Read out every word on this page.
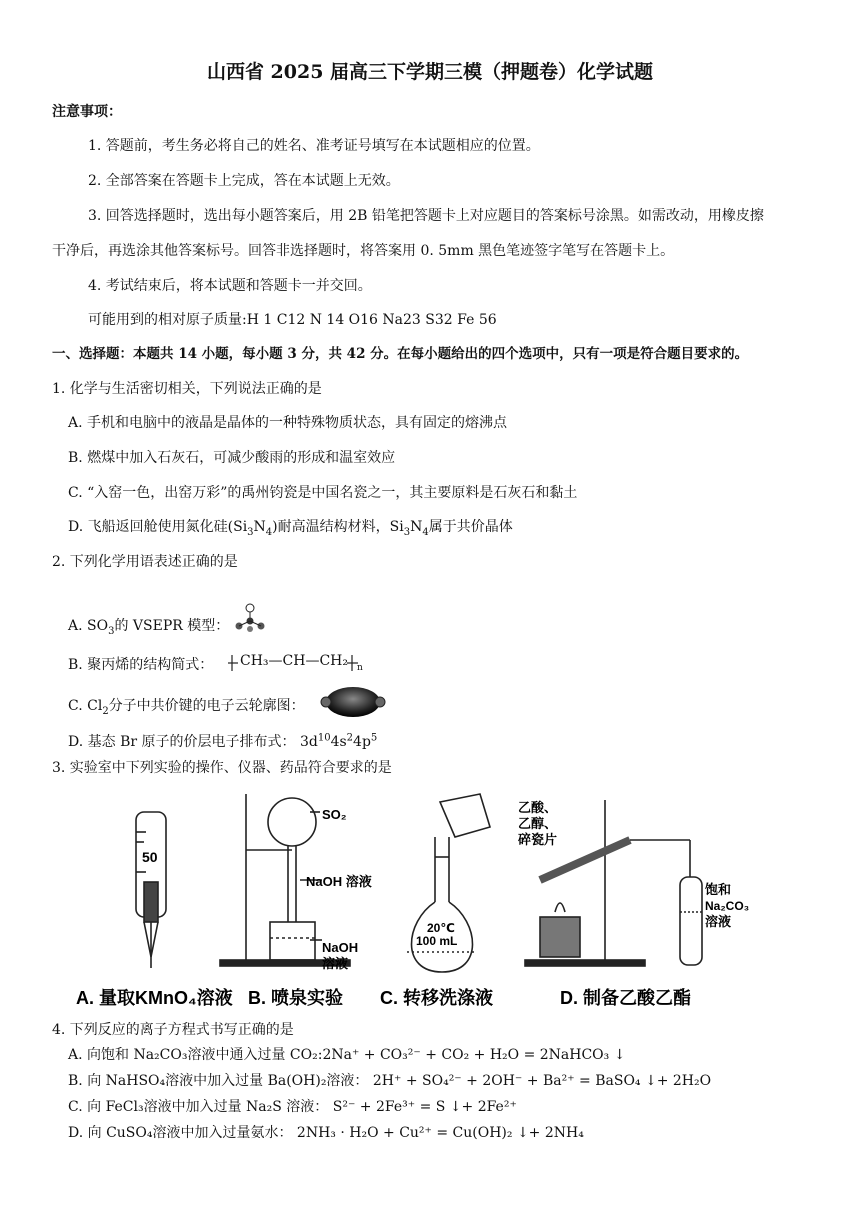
山西省 2025 届高三下学期三模（押题卷）化学试题
注意事项：
1. 答题前，考生务必将自己的姓名、准考证号填写在本试题相应的位置。
2. 全部答案在答题卡上完成，答在本试题上无效。
3. 回答选择题时，选出每小题答案后，用 2B 铅笔把答题卡上对应题目的答案标号涂黑。如需改动，用橡皮擦
干净后，再选涂其他答案标号。回答非选择题时，将答案用 0. 5mm 黑色笔迹签字笔写在答题卡上。
4. 考试结束后，将本试题和答题卡一并交回。
可能用到的相对原子质量:H 1 C12 N 14 O16 Na23 S32 Fe 56
一、选择题：本题共 14 小题，每小题 3 分，共 42 分。在每小题给出的四个选项中，只有一项是符合题目要求的。
1. 化学与生活密切相关，下列说法正确的是
A. 手机和电脑中的液晶是晶体的一种特殊物质状态，具有固定的熔沸点
B. 燃煤中加入石灰石，可减少酸雨的形成和温室效应
C. “入窑一色，出窑万彩”的禹州钧瓷是中国名瓷之一，其主要原料是石灰石和黏土
D. 飞船返回舱使用氮化硅$(Si_3N_4)$耐高温结构材料，$Si_3N_4$属于共价晶体
2. 下列化学用语表述正确的是
A. $SO_3$的 VSEPR 模型：
B. 聚丙烯的结构简式： CH₃—CH—CH₂ n
C. $Cl_2$分子中共价键的电子云轮廓图：
D. 基态 Br 原子的价层电子排布式： $3d^{10}4s^24p^5$
3. 实验室中下列实验的操作、仪器、药品符合要求的是
50
SO₂
NaOH 溶液
NaOH
溶液
20℃
100 mL
乙酸、
乙醇、
碎瓷片
饱和
Na₂CO₃
溶液
A. 量取KMnO₄溶液 B. 喷泉实验 C. 转移洗涤液	D. 制备乙酸乙酯
4. 下列反应的离子方程式书写正确的是
A. 向饱和 Na₂CO₃溶液中通入过量 CO₂:2Na⁺ + CO₃²⁻ + CO₂ + H₂O = 2NaHCO₃ ↓
B. 向 NaHSO₄溶液中加入过量 Ba(OH)₂溶液： 2H⁺ + SO₄²⁻ + 2OH⁻ + Ba²⁺ = BaSO₄ ↓+ 2H₂O
C. 向 FeCl₃溶液中加入过量 Na₂S 溶液： S²⁻ + 2Fe³⁺ = S ↓+ 2Fe²⁺
D. 向 CuSO₄溶液中加入过量氨水： 2NH₃ · H₂O + Cu²⁺ = Cu(OH)₂ ↓+ 2NH₄
